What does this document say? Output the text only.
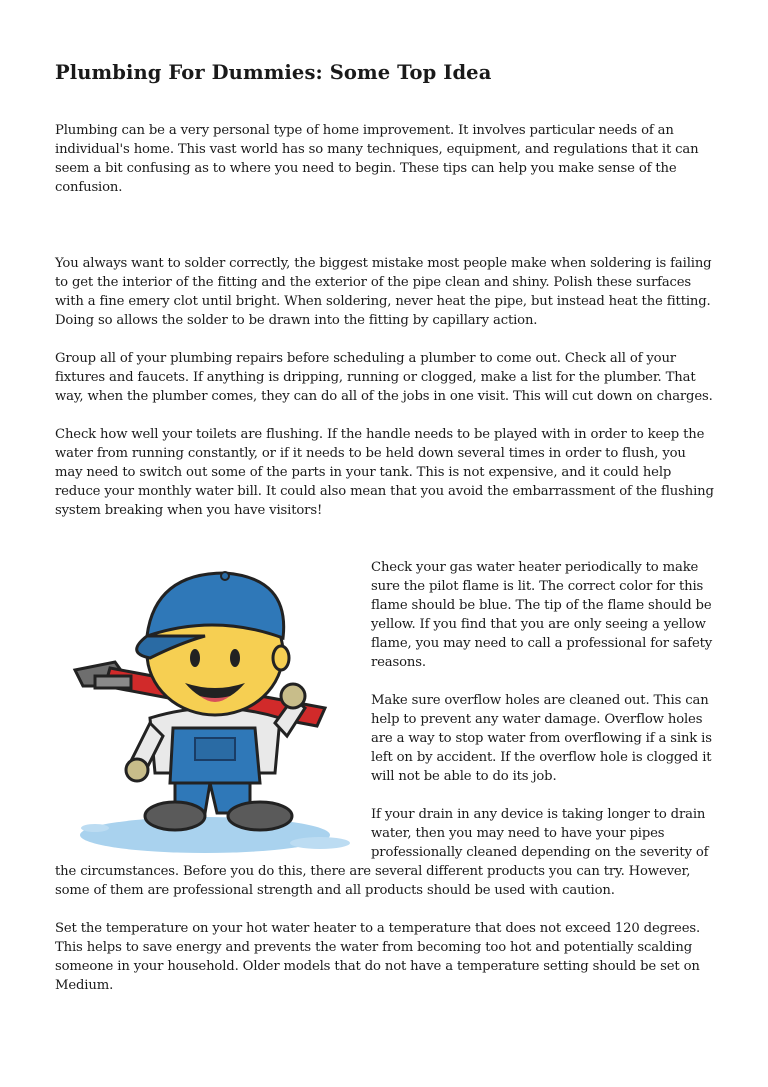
Plumbing For Dummies: Some Top Idea

Plumbing can be a very personal type of home improvement. It involves particular needs of an individual's home. This vast world has so many techniques, equipment, and regulations that it can seem a bit confusing as to where you need to begin. These tips can help you make sense of the confusion.

You always want to solder correctly, the biggest mistake most people make when soldering is failing to get the interior of the fitting and the exterior of the pipe clean and shiny. Polish these surfaces with a fine emery clot until bright. When soldering, never heat the pipe, but instead heat the fitting. Doing so allows the solder to be drawn into the fitting by capillary action.

Group all of your plumbing repairs before scheduling a plumber to come out. Check all of your fixtures and faucets. If anything is dripping, running or clogged, make a list for the plumber. That way, when the plumber comes, they can do all of the jobs in one visit. This will cut down on charges.

Check how well your toilets are flushing. If the handle needs to be played with in order to keep the water from running constantly, or if it needs to be held down several times in order to flush, you may need to switch out some of the parts in your tank. This is not expensive, and it could help reduce your monthly water bill. It could also mean that you avoid the embarrassment of the flushing system breaking when you have visitors!

Check your gas water heater periodically to make sure the pilot flame is lit. The correct color for this flame should be blue. The tip of the flame should be yellow. If you find that you are only seeing a yellow flame, you may need to call a professional for safety reasons.

Make sure overflow holes are cleaned out. This can help to prevent any water damage. Overflow holes are a way to stop water from overflowing if a sink is left on by accident. If the overflow hole is clogged it will not be able to do its job.

If your drain in any device is taking longer to drain water, then you may need to have your pipes professionally cleaned depending on the severity of the circumstances. Before you do this, there are several different products you can try. However, some of them are professional strength and all products should be used with caution.

Set the temperature on your hot water heater to a temperature that does not exceed 120 degrees. This helps to save energy and prevents the water from becoming too hot and potentially scalding someone in your household. Older models that do not have a temperature setting should be set on Medium.
